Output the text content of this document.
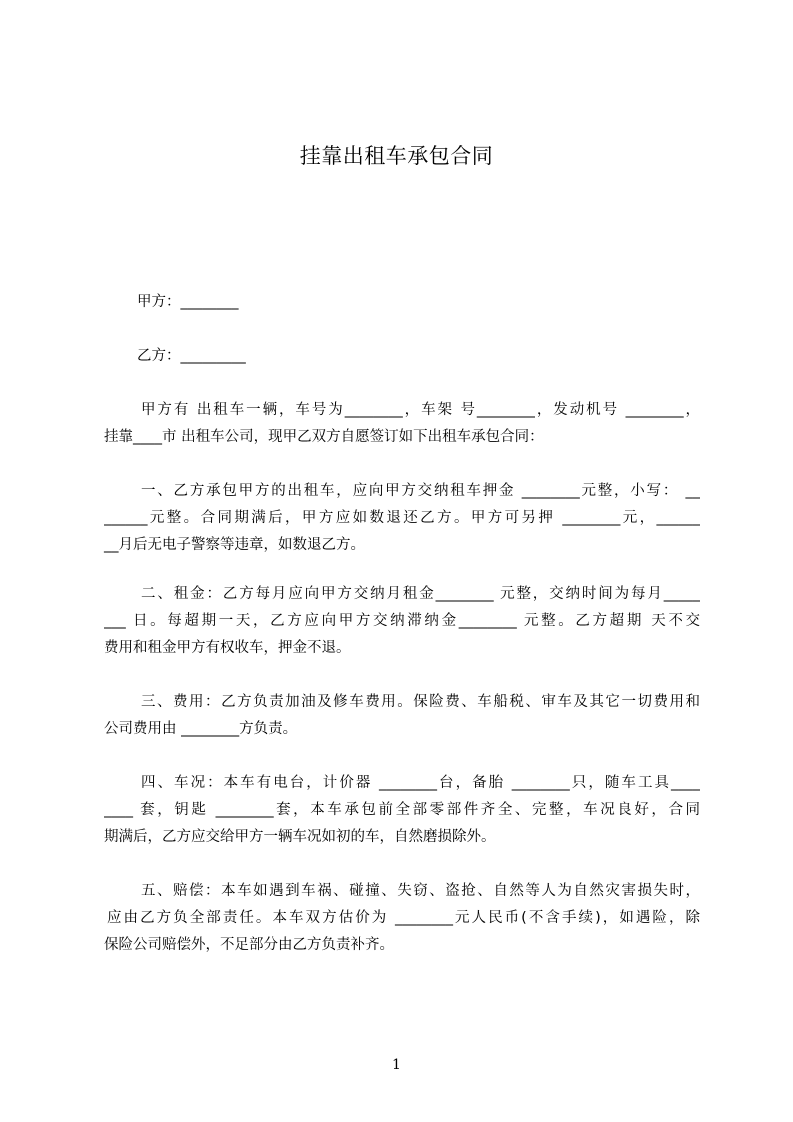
挂靠出租车承包合同
甲方：________
乙方：_________
甲方有 出租车一辆，车号为________，车架 号________，发动机号 ________，
挂靠____市 出租车公司，现甲乙双方自愿签订如下出租车承包合同：
一、乙方承包甲方的出租车，应向甲方交纳租车押金 ________元整，小写： __
______元整。合同期满后，甲方应如数退还乙方。甲方可另押 ________元，______
__月后无电子警察等违章，如数退乙方。
二、租金：乙方每月应向甲方交纳月租金________ 元整，交纳时间为每月_____
___ 日。每超期一天，乙方应向甲方交纳滞纳金________ 元整。乙方超期 天不交
费用和租金甲方有权收车，押金不退。
三、费用：乙方负责加油及修车费用。保险费、车船税、审车及其它一切费用和
公司费用由 ________方负责。
四、车况：本车有电台，计价器 ________台，备胎 ________只，随车工具____
____ 套，钥匙 ________套，本车承包前全部零部件齐全、完整，车况良好，合同
期满后，乙方应交给甲方一辆车况如初的车，自然磨损除外。
五、赔偿：本车如遇到车祸、碰撞、失窃、盗抢、自然等人为自然灾害损失时，
应由乙方负全部责任。本车双方估价为 ________元人民币(不含手续)，如遇险，除
保险公司赔偿外，不足部分由乙方负责补齐。
1
